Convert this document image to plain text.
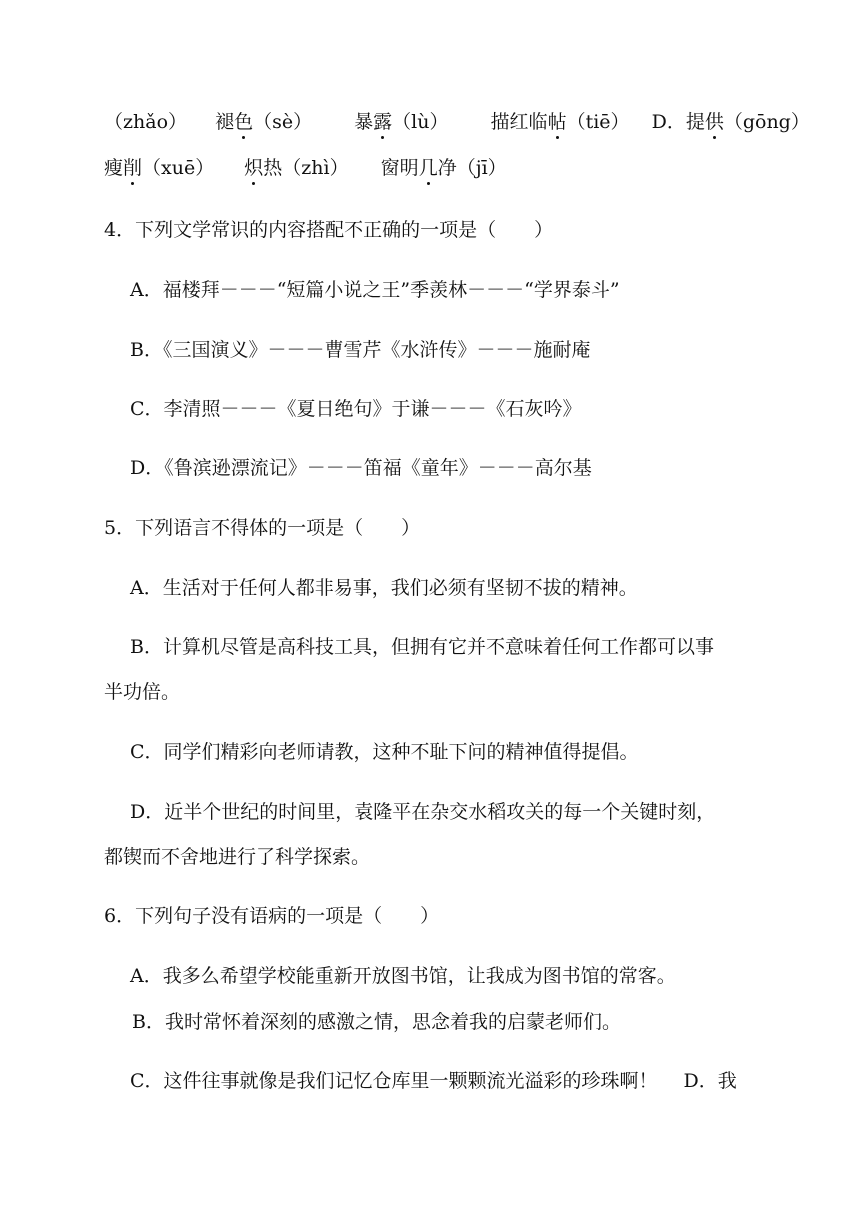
（zhǎo） 褪色（sè） 暴露（lù） 描红临帖（tiē） D．提供（gōng）
瘦削（xuē） 炽热（zhì） 窗明几净（jī）
4．下列文学常识的内容搭配不正确的一项是（　　）
A．福楼拜－－－“短篇小说之王”季羡林－－－“学界泰斗”
B．《三国演义》－－－曹雪芹《水浒传》－－－施耐庵
C．李清照－－－《夏日绝句》于谦－－－《石灰吟》
D．《鲁滨逊漂流记》－－－笛福《童年》－－－高尔基
5．下列语言不得体的一项是（　　）
A．生活对于任何人都非易事，我们必须有坚韧不拔的精神。
B．计算机尽管是高科技工具，但拥有它并不意味着任何工作都可以事
半功倍。
C．同学们精彩向老师请教，这种不耻下问的精神值得提倡。
D．近半个世纪的时间里，袁隆平在杂交水稻攻关的每一个关键时刻，
都锲而不舍地进行了科学探索。
6．下列句子没有语病的一项是（　　）
A．我多么希望学校能重新开放图书馆，让我成为图书馆的常客。
B．我时常怀着深刻的感激之情，思念着我的启蒙老师们。
C．这件往事就像是我们记忆仓库里一颗颗流光溢彩的珍珠啊！ D．我
